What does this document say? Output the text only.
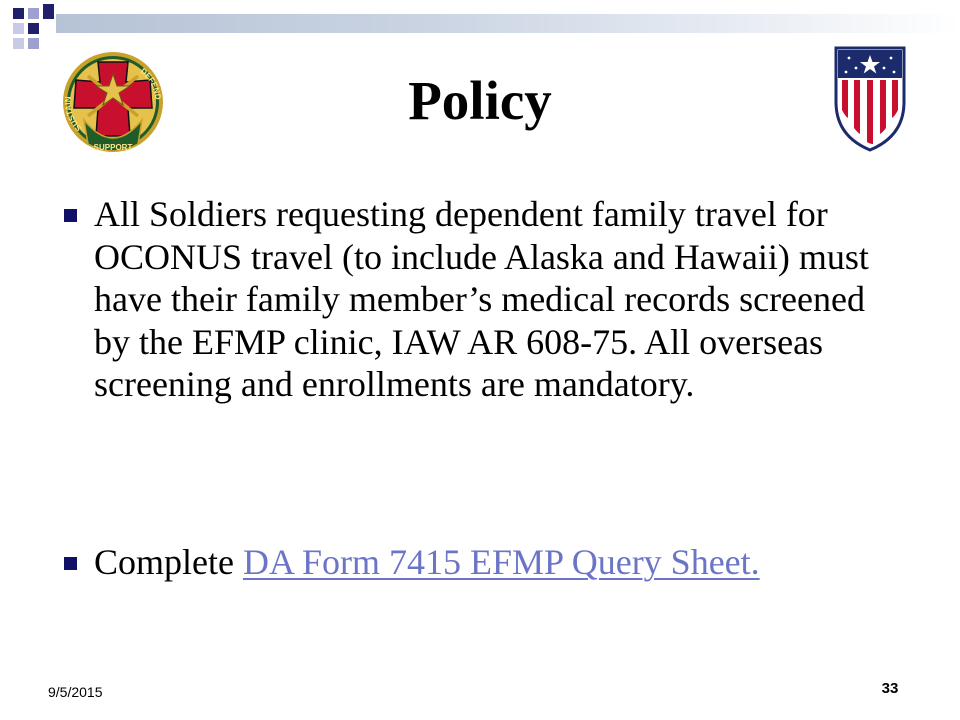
SUSTAIN
DEFEND
SUPPORT
Policy
All Soldiers requesting dependent family travel for OCONUS travel (to include Alaska and Hawaii) must have their family member’s medical records screened by the EFMP clinic, IAW AR 608-75. All overseas screening and enrollments are mandatory.
Complete DA Form 7415 EFMP Query Sheet.
9/5/2015	33
